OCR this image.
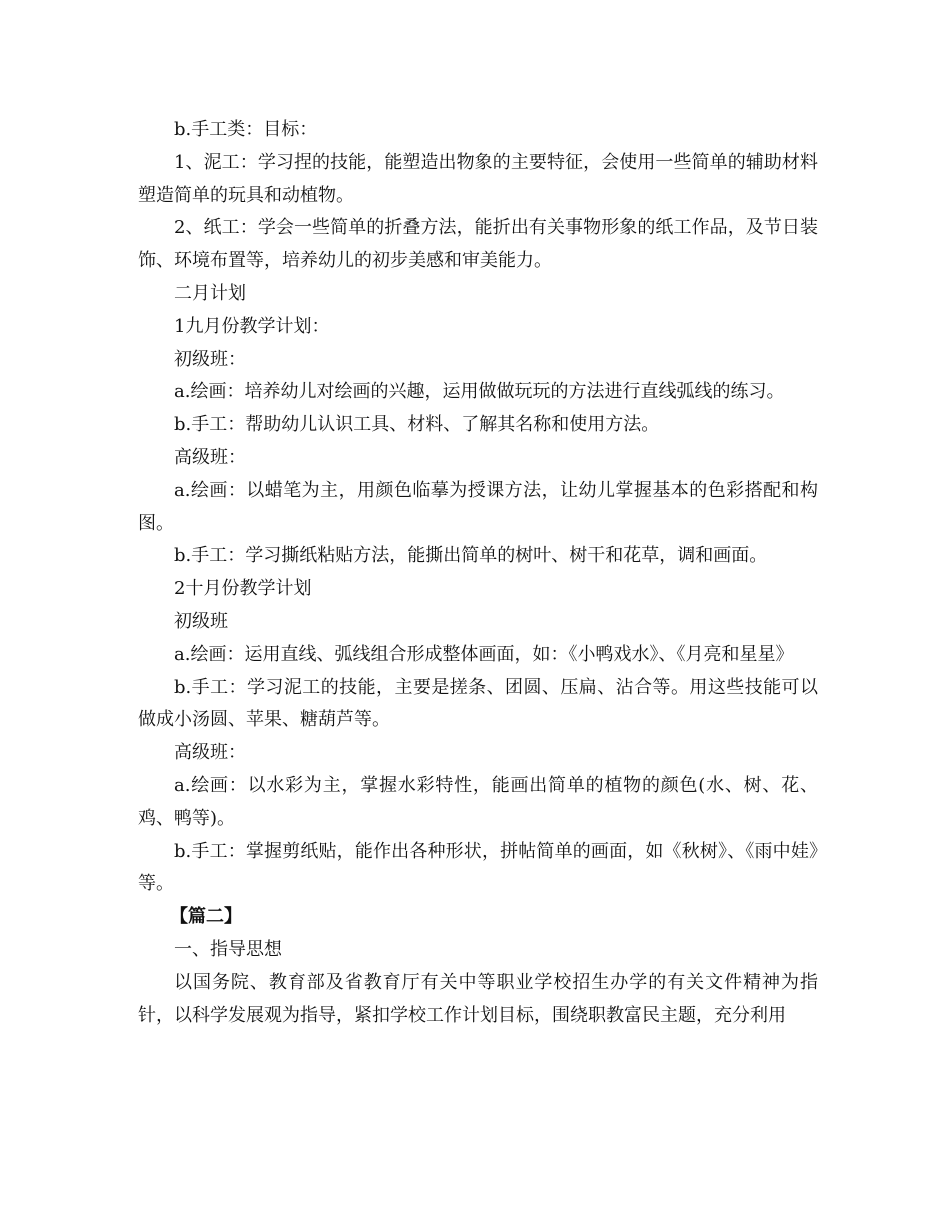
b.手工类：目标：

1、泥工：学习捏的技能，能塑造出物象的主要特征，会使用一些简单的辅助材料塑造简单的玩具和动植物。

2、纸工：学会一些简单的折叠方法，能折出有关事物形象的纸工作品，及节日装饰、环境布置等，培养幼儿的初步美感和审美能力。

二月计划

1九月份教学计划：

初级班：

a.绘画：培养幼儿对绘画的兴趣，运用做做玩玩的方法进行直线弧线的练习。

b.手工：帮助幼儿认识工具、材料、了解其名称和使用方法。

高级班：

a.绘画：以蜡笔为主，用颜色临摹为授课方法，让幼儿掌握基本的色彩搭配和构图。

b.手工：学习撕纸粘贴方法，能撕出简单的树叶、树干和花草，调和画面。

2十月份教学计划

初级班

a.绘画：运用直线、弧线组合形成整体画面，如：《小鸭戏水》、《月亮和星星》

b.手工：学习泥工的技能，主要是搓条、团圆、压扁、沾合等。用这些技能可以做成小汤圆、苹果、糖葫芦等。

高级班：

a.绘画：以水彩为主，掌握水彩特性，能画出简单的植物的颜色(水、树、花、鸡、鸭等)。

b.手工：掌握剪纸贴，能作出各种形状，拼帖简单的画面，如《秋树》、《雨中娃》等。

【篇二】

一、指导思想

以国务院、教育部及省教育厅有关中等职业学校招生办学的有关文件精神为指针，以科学发展观为指导，紧扣学校工作计划目标，围绕职教富民主题，充分利用
